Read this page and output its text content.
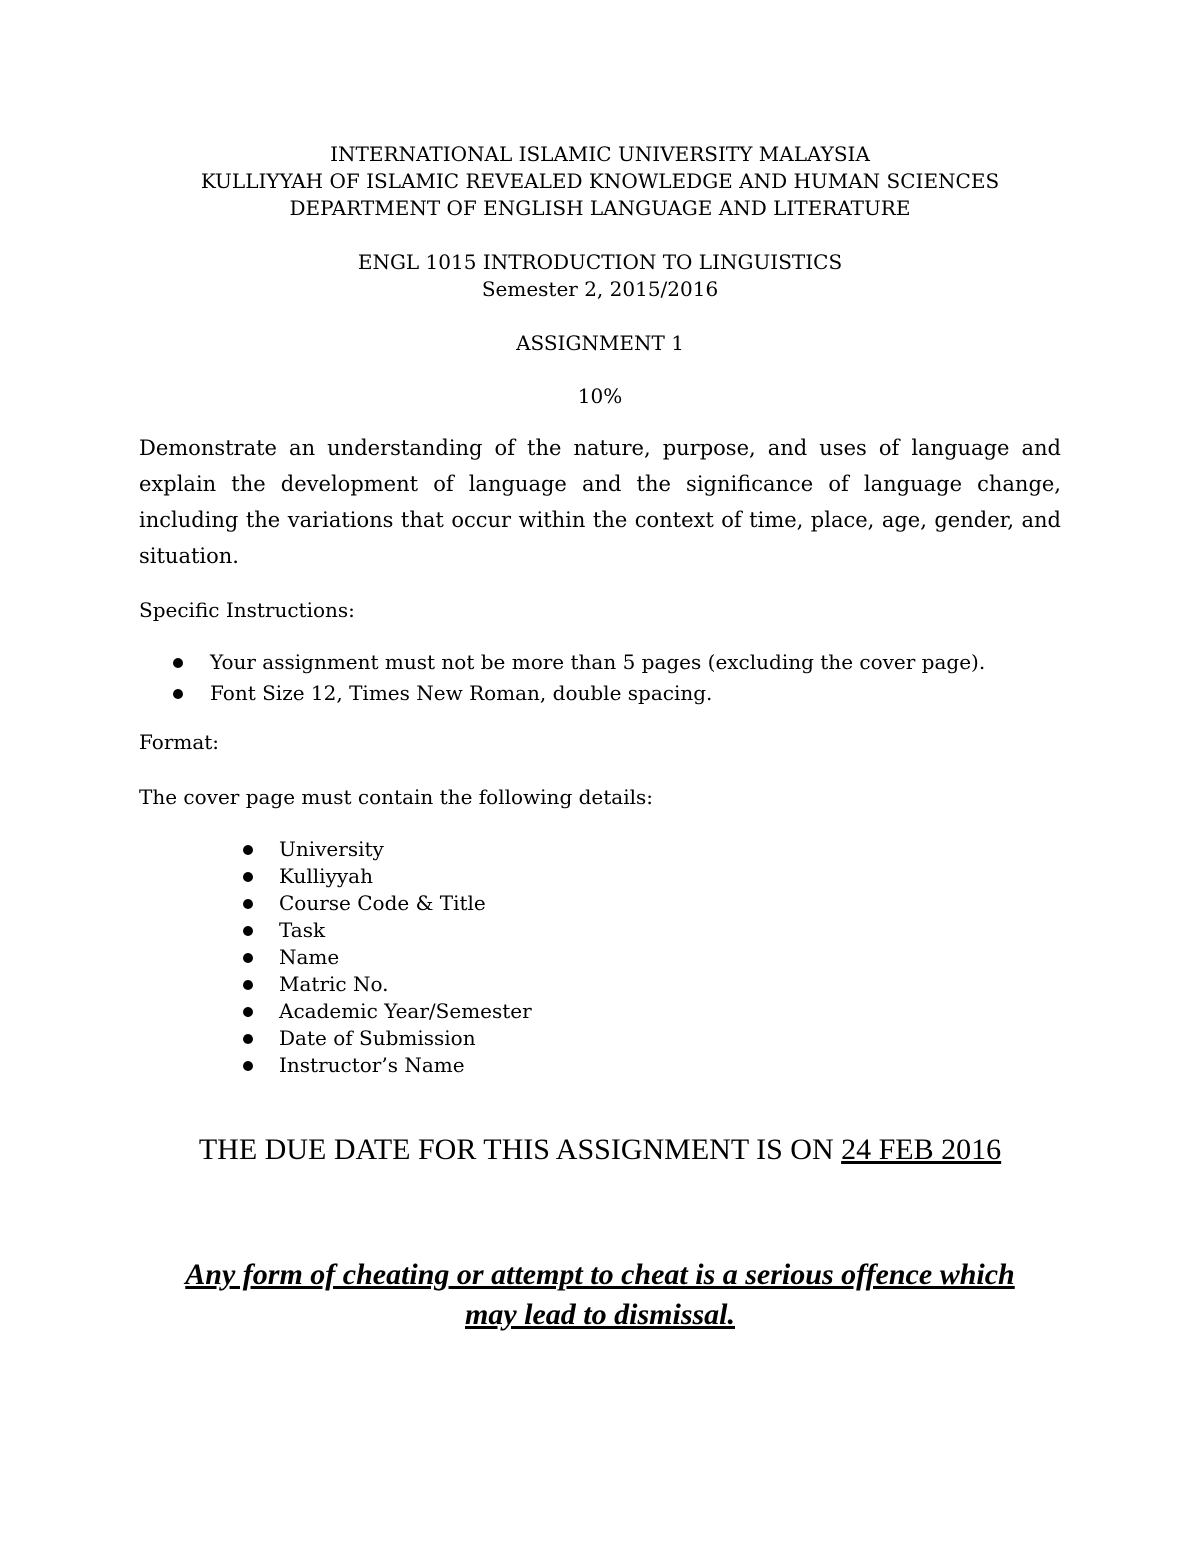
INTERNATIONAL ISLAMIC UNIVERSITY MALAYSIA
KULLIYYAH OF ISLAMIC REVEALED KNOWLEDGE AND HUMAN SCIENCES
DEPARTMENT OF ENGLISH LANGUAGE AND LITERATURE
ENGL 1015 INTRODUCTION TO LINGUISTICS
Semester 2, 2015/2016
ASSIGNMENT 1
10%

Demonstrate an understanding of the nature, purpose, and uses of language and explain the development of language and the significance of language change, including the variations that occur within the context of time, place, age, gender, and situation.

Specific Instructions:
Your assignment must not be more than 5 pages (excluding the cover page).
Font Size 12, Times New Roman, double spacing.
Format:
The cover page must contain the following details:
University
Kulliyyah
Course Code & Title
Task
Name
Matric No.
Academic Year/Semester
Date of Submission
Instructor’s Name
THE DUE DATE FOR THIS ASSIGNMENT IS ON 24 FEB 2016
Any form of cheating or attempt to cheat is a serious offence which
may lead to dismissal.
